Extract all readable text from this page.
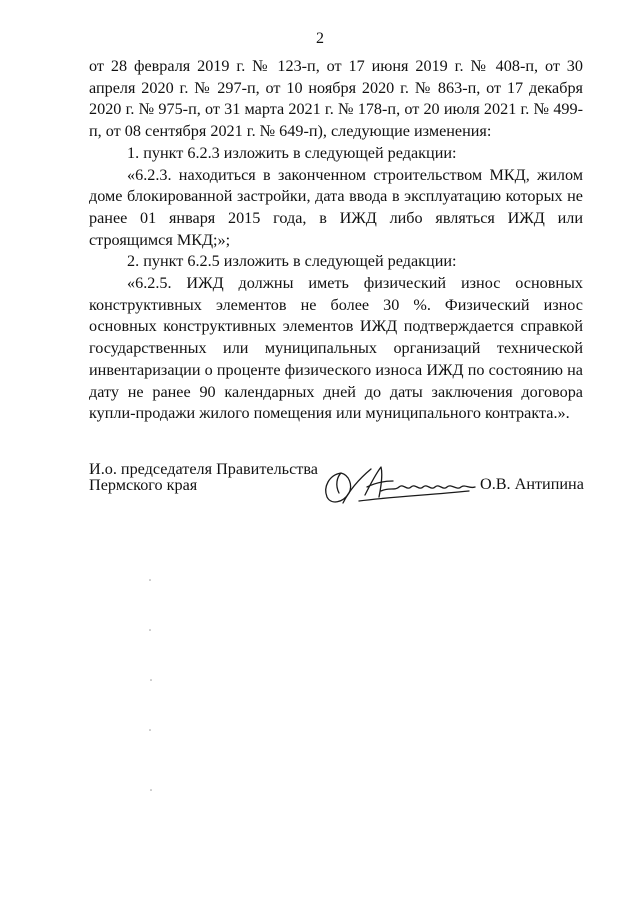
2

от 28 февраля 2019 г. № 123-п, от 17 июня 2019 г. № 408-п, от 30 апреля 2020 г. № 297-п, от 10 ноября 2020 г. № 863-п, от 17 декабря 2020 г. № 975-п, от 31 марта 2021 г. № 178-п, от 20 июля 2021 г. № 499-п, от 08 сентября 2021 г. № 649-п), следующие изменения:

1. пункт 6.2.3 изложить в следующей редакции:

«6.2.3. находиться в законченном строительством МКД, жилом доме блокированной застройки, дата ввода в эксплуатацию которых не ранее 01 января 2015 года, в ИЖД либо являться ИЖД или строящимся МКД;»;

2. пункт 6.2.5 изложить в следующей редакции:

«6.2.5. ИЖД должны иметь физический износ основных конструктивных элементов не более 30 %. Физический износ основных конструктивных элементов ИЖД подтверждается справкой государственных или муниципальных организаций технической инвентаризации о проценте физического износа ИЖД по состоянию на дату не ранее 90 календарных дней до даты заключения договора купли-продажи жилого помещения или муниципального контракта.».

И.о. председателя Правительства
Пермского края	О.В. Антипина
